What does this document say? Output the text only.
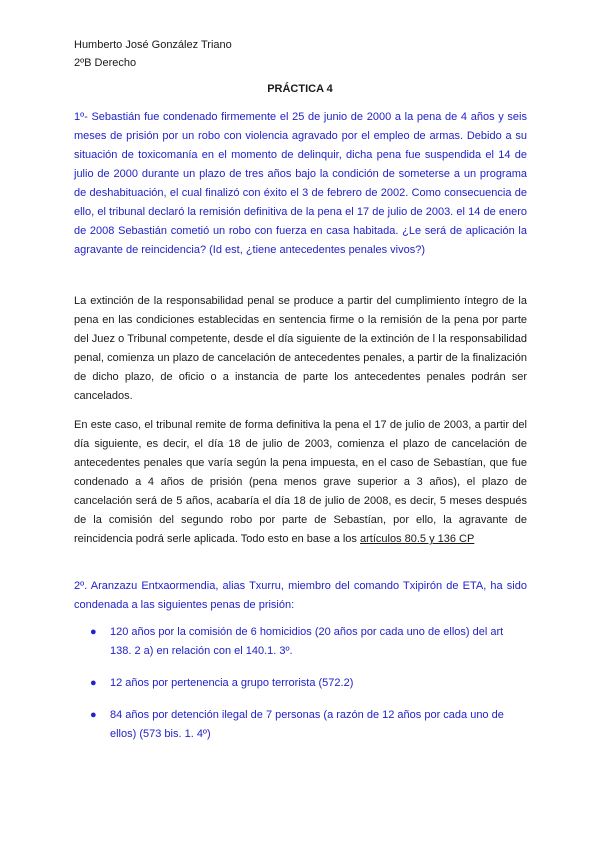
Humberto José González Triano
2ºB Derecho
PRÁCTICA 4

1º- Sebastián fue condenado firmemente el 25 de junio de 2000 a la pena de 4 años y seis meses de prisión por un robo con violencia agravado por el empleo de armas. Debido a su situación de toxicomanía en el momento de delinquir, dicha pena fue suspendida el 14 de julio de 2000 durante un plazo de tres años bajo la condición de someterse a un programa de deshabituación, el cual finalizó con éxito el 3 de febrero de 2002. Como consecuencia de ello, el tribunal declaró la remisión definitiva de la pena el 17 de julio de 2003. el 14 de enero de 2008 Sebastián cometió un robo con fuerza en casa habitada. ¿Le será de aplicación la agravante de reincidencia? (Id est, ¿tiene antecedentes penales vivos?)

La extinción de la responsabilidad penal se produce a partir del cumplimiento íntegro de la pena en las condiciones establecidas en sentencia firme o la remisión de la pena por parte del Juez o Tribunal competente, desde el día siguiente de la extinción de l la responsabilidad penal, comienza un plazo de cancelación de antecedentes penales, a partir de la finalización de dicho plazo, de oficio o a instancia de parte los antecedentes penales podrán ser cancelados.

En este caso, el tribunal remite de forma definitiva la pena el 17 de julio de 2003, a partir del día siguiente, es decir, el día 18 de julio de 2003, comienza el plazo de cancelación de antecedentes penales que varía según la pena impuesta, en el caso de Sebastían, que fue condenado a 4 años de prisión (pena menos grave superior a 3 años), el plazo de cancelación será de 5 años, acabaría el día 18 de julio de 2008, es decir, 5 meses después de la comisión del segundo robo por parte de Sebastían, por ello, la agravante de reincidencia podrá serle aplicada. Todo esto en base a los artículos 80.5 y 136 CP

2º. Aranzazu Entxaormendia, alias Txurru, miembro del comando Txipirón de ETA, ha sido condenada a las siguientes penas de prisión:

● 120 años por la comisión de 6 homicidios (20 años por cada uno de ellos) del art 138. 2 a) en relación con el 140.1. 3º.
● 12 años por pertenencia a grupo terrorista (572.2)
● 84 años por detención ilegal de 7 personas (a razón de 12 años por cada uno de ellos) (573 bis. 1. 4º)
